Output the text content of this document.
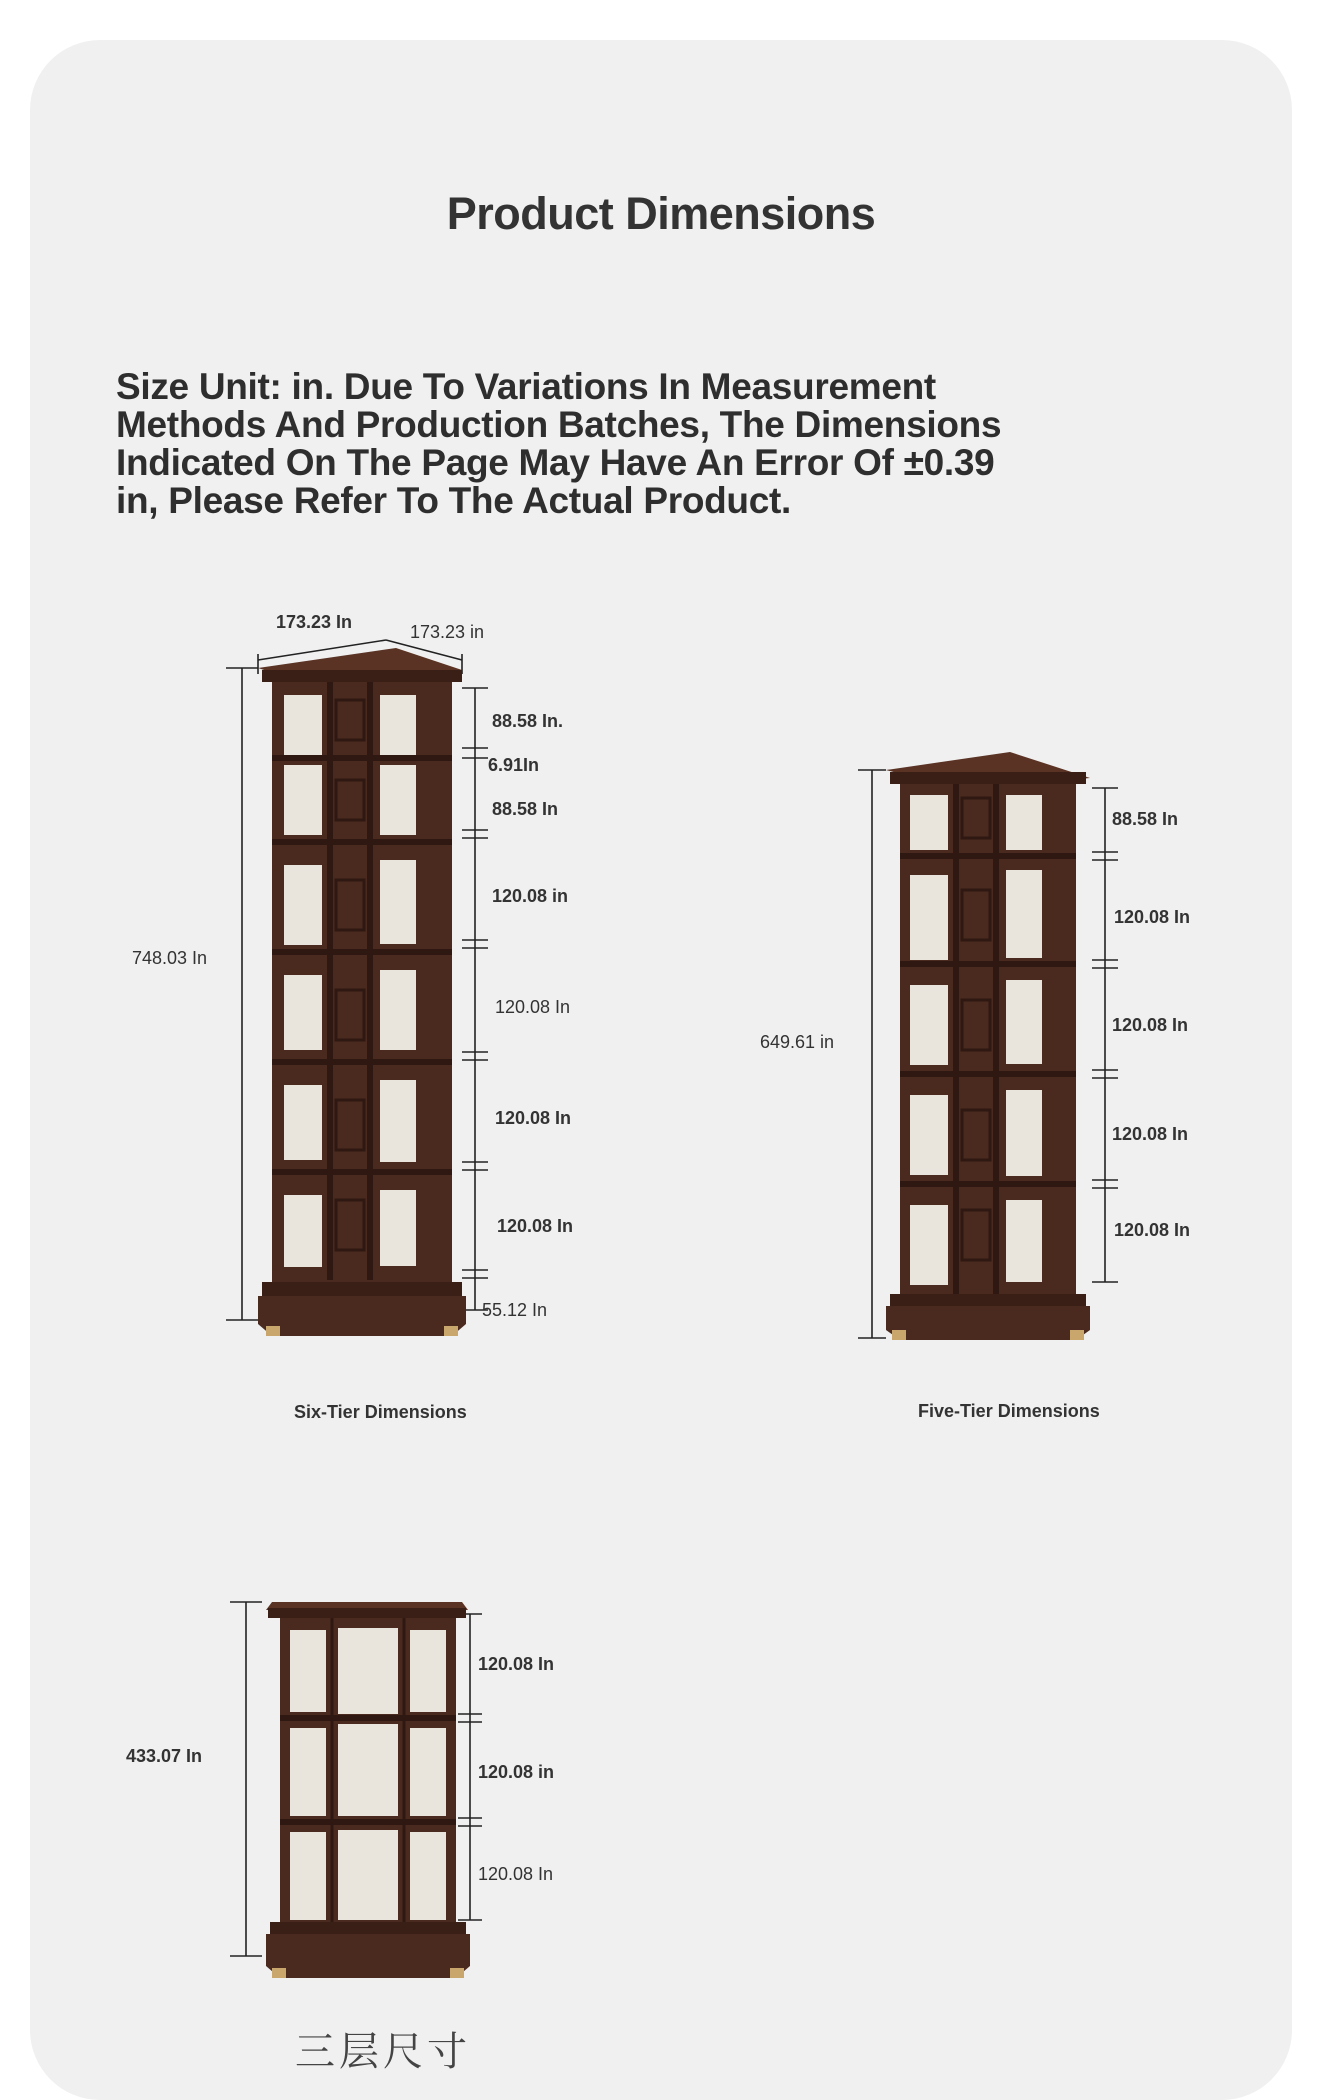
Product Dimensions

Size Unit: in. Due To Variations In Measurement Methods And Production Batches, The Dimensions Indicated On The Page May Have An Error Of ±0.39 in, Please Refer To The Actual Product.

173.23 In	173.23 in
748.03 In
88.58 In.
6.91In
88.58 In
120.08 in
120.08 In
120.08 In
120.08 In
55.12 In
Six-Tier Dimensions
649.61 in
88.58 In
120.08 In
120.08 In
120.08 In
120.08 In
Five-Tier Dimensions
433.07 In
120.08 In
120.08 in
120.08 In
三层尺寸
